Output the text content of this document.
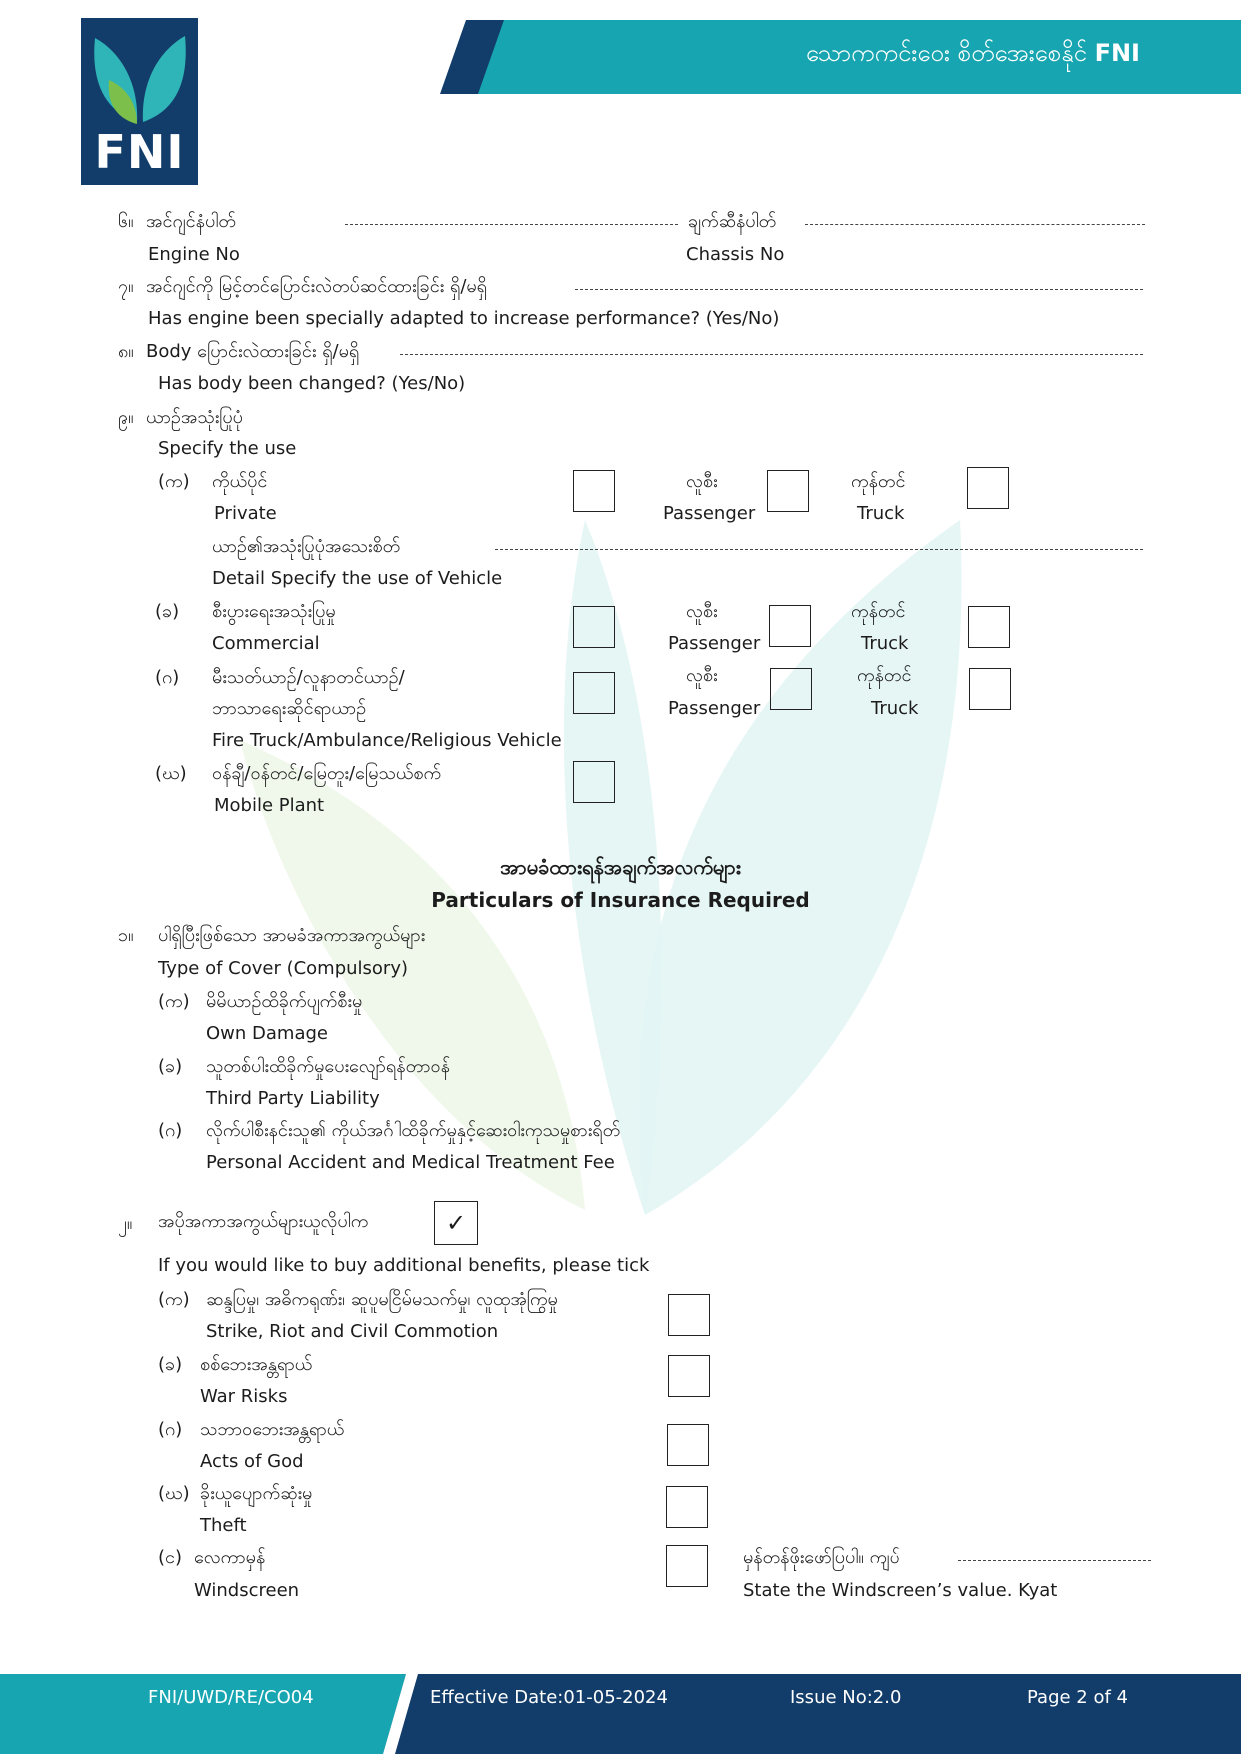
FNI
သောကကင်းဝေး စိတ်အေးစေနိုင် FNI
၆။ အင်ဂျင်နံပါတ်	ချက်ဆီနံပါတ်
Engine No	Chassis No
၇။ အင်ဂျင်ကို မြင့်တင်ပြောင်းလဲတပ်ဆင်ထားခြင်း ရှိ/မရှိ
Has engine been specially adapted to increase performance? (Yes/No)
၈။ Body ပြောင်းလဲထားခြင်း ရှိ/မရှိ
Has body been changed? (Yes/No)
၉။ ယာဉ်အသုံးပြုပုံ
Specify the use
(က) ကိုယ်ပိုင်
Private
လူစီး
Passenger
ကုန်တင်
Truck
ယာဉ်၏အသုံးပြုပုံအသေးစိတ်
Detail Specify the use of Vehicle
(ခ) စီးပွားရေးအသုံးပြုမှု
Commercial
လူစီး
Passenger
ကုန်တင်
Truck
(ဂ) မီးသတ်ယာဉ်/လူနာတင်ယာဉ်/
ဘာသာရေးဆိုင်ရာယာဉ်
Fire Truck/Ambulance/Religious Vehicle
လူစီး
Passenger
ကုန်တင်
Truck
(ဃ) ဝန်ချီ/ဝန်တင်/မြေတူး/မြေသယ်စက်
Mobile Plant
အာမခံထားရန်အချက်အလက်များ
Particulars of Insurance Required
၁။ ပါရှိပြီးဖြစ်သော အာမခံအကာအကွယ်များ
Type of Cover (Compulsory)
(က) မိမိယာဉ်ထိခိုက်ပျက်စီးမှု
Own Damage
(ခ) သူတစ်ပါးထိခိုက်မှုပေးလျော်ရန်တာဝန်
Third Party Liability
(ဂ) လိုက်ပါစီးနင်းသူ၏ ကိုယ်အင်္ဂါထိခိုက်မှုနှင့်ဆေးဝါးကုသမှုစားရိတ်
Personal Accident and Medical Treatment Fee
၂။ အပိုအကာအကွယ်များယူလိုပါက	✓
If you would like to buy additional benefits, please tick
(က) ဆန္ဒပြမှု၊ အဓိကရုဏ်း၊ ဆူပူမငြိမ်မသက်မှု၊ လူထုအုံကြွမှု
Strike, Riot and Civil Commotion
(ခ) စစ်ဘေးအန္တရာယ်
War Risks
(ဂ) သဘာဝဘေးအန္တရာယ်
Acts of God
(ဃ) ခိုးယူပျောက်ဆုံးမှု
Theft
(င) လေကာမှန်
Windscreen
မှန်တန်ဖိုးဖော်ပြပါ။ ကျပ်
State the Windscreen’s value. Kyat
FNI/UWD/RE/CO04	Effective Date:01-05-2024	Issue No:2.0	Page 2 of 4
